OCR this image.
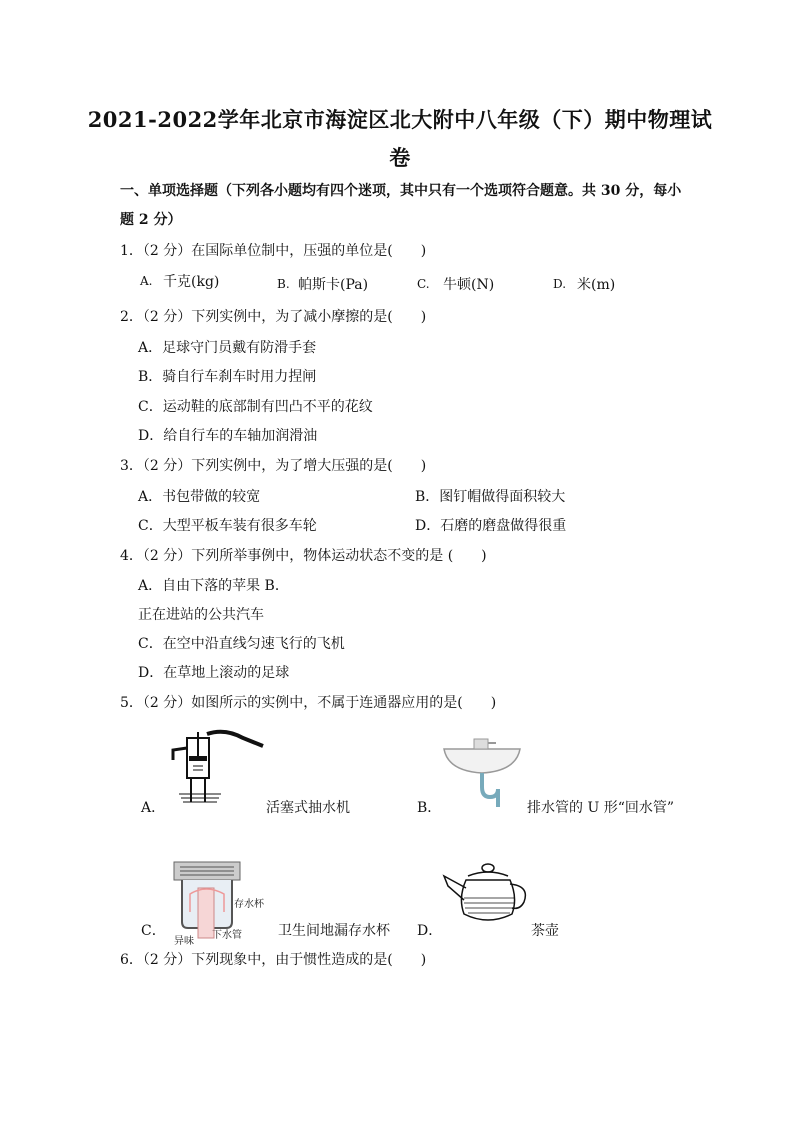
2021-2022学年北京市海淀区北大附中八年级（下）期中物理试
卷
一、单项选择题（下列各小题均有四个迷项，其中只有一个选项符合题意。共 30 分，每小
题 2 分）
1．（2 分）在国际单位制中，压强的单位是(　　)
A. 千克(kg)	B. 帕斯卡(Pa)	C. 牛顿(N)	D. 米(m)
2．（2 分）下列实例中，为了减小摩擦的是(　　)
A．足球守门员戴有防滑手套
B．骑自行车刹车时用力捏闸
C．运动鞋的底部制有凹凸不平的花纹
D．给自行车的车轴加润滑油
3．（2 分）下列实例中，为了增大压强的是(　　)
A．书包带做的较宽	B．图钉帽做得面积较大
C．大型平板车装有很多车轮	D．石磨的磨盘做得很重
4．（2 分）下列所举事例中，物体运动状态不变的是 (　　)
A．自由下落的苹果 B．
正在进站的公共汽车
C．在空中沿直线匀速飞行的飞机
D．在草地上滚动的足球
5．（2 分）如图所示的实例中，不属于连通器应用的是(　　)
A．	活塞式抽水机	B．	排水管的 U 形“回水管”
存水杯
异味
下水管
C．	卫生间地漏存水杯 D．	茶壶
6．（2 分）下列现象中，由于惯性造成的是(　　)
